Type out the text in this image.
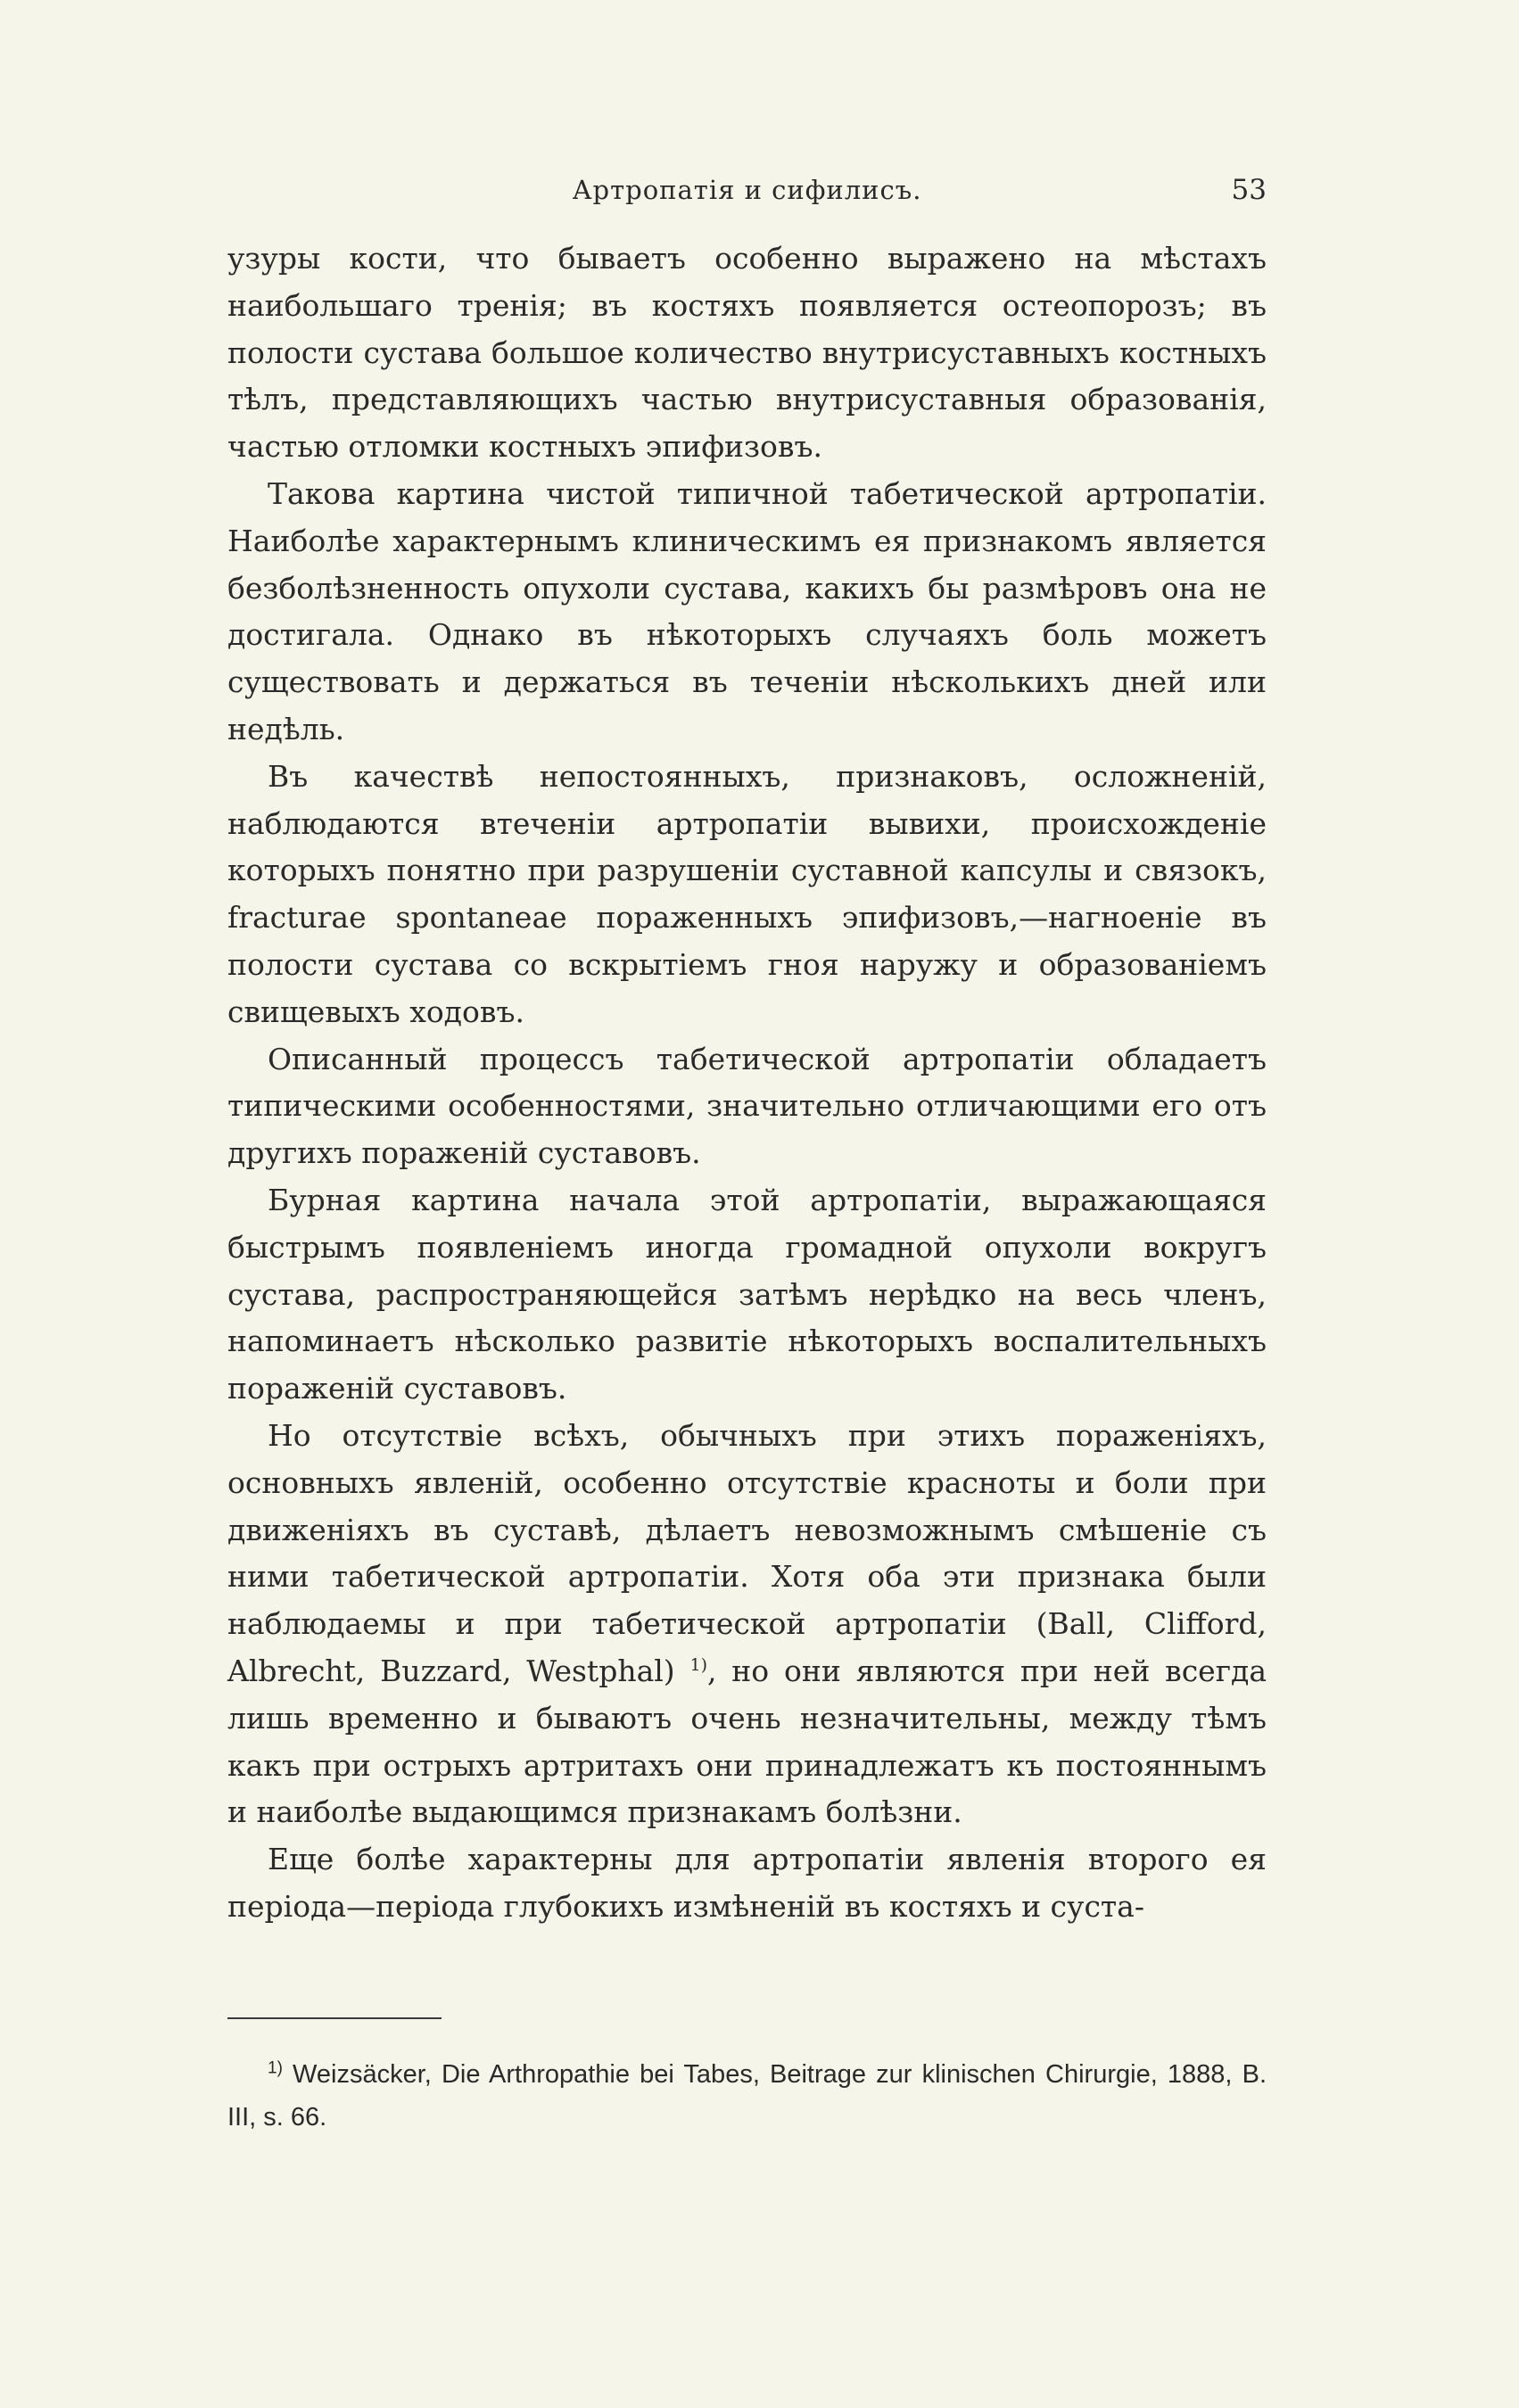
Артропатія и сифилисъ.	53

узуры кости, что бываетъ особенно выражено на мѣстахъ наибольшаго тренія; въ костяхъ появляется остеопорозъ; въ полости сустава большое количество внутрисуставныхъ костныхъ тѣлъ, представляющихъ частью внутрисуставныя образованія, частью отломки костныхъ эпифизовъ.

Такова картина чистой типичной табетической артропатіи. Наиболѣе характернымъ клиническимъ ея признакомъ является безболѣзненность опухоли сустава, какихъ бы размѣровъ она не достигала. Однако въ нѣкоторыхъ случаяхъ боль можетъ существовать и держаться въ теченіи нѣсколькихъ дней или недѣль.

Въ качествѣ непостоянныхъ, признаковъ, осложненій, наблюдаются втеченіи артропатіи вывихи, происхожденіе которыхъ понятно при разрушеніи суставной капсулы и связокъ, fracturae spontaneae пораженныхъ эпифизовъ,—нагноеніе въ полости сустава со вскрытіемъ гноя наружу и образованіемъ свищевыхъ ходовъ.

Описанный процессъ табетической артропатіи обладаетъ типическими особенностями, значительно отличающими его отъ другихъ пораженій суставовъ.

Бурная картина начала этой артропатіи, выражающаяся быстрымъ появленіемъ иногда громадной опухоли вокругъ сустава, распространяющейся затѣмъ нерѣдко на весь членъ, напоминаетъ нѣсколько развитіе нѣкоторыхъ воспалительныхъ пораженій суставовъ.

Но отсутствіе всѣхъ, обычныхъ при этихъ пораженіяхъ, основныхъ явленій, особенно отсутствіе красноты и боли при движеніяхъ въ суставѣ, дѣлаетъ невозможнымъ смѣшеніе съ ними табетической артропатіи. Хотя оба эти признака были наблюдаемы и при табетической артропатіи (Ball, Clifford, Albrecht, Buzzard, Westphal) $^{1)}$, но они являются при ней всегда лишь временно и бываютъ очень незначительны, между тѣмъ какъ при острыхъ артритахъ они принадлежатъ къ постояннымъ и наиболѣе выдающимся признакамъ болѣзни.

Еще болѣе характерны для артропатіи явленія второго ея періода—періода глубокихъ измѣненій въ костяхъ и суста-

$^{1)}$ Weizsäcker, Die Arthropathie bei Tabes, Beitrage zur klinischen Chirurgie, 1888, B. III, s. 66.
